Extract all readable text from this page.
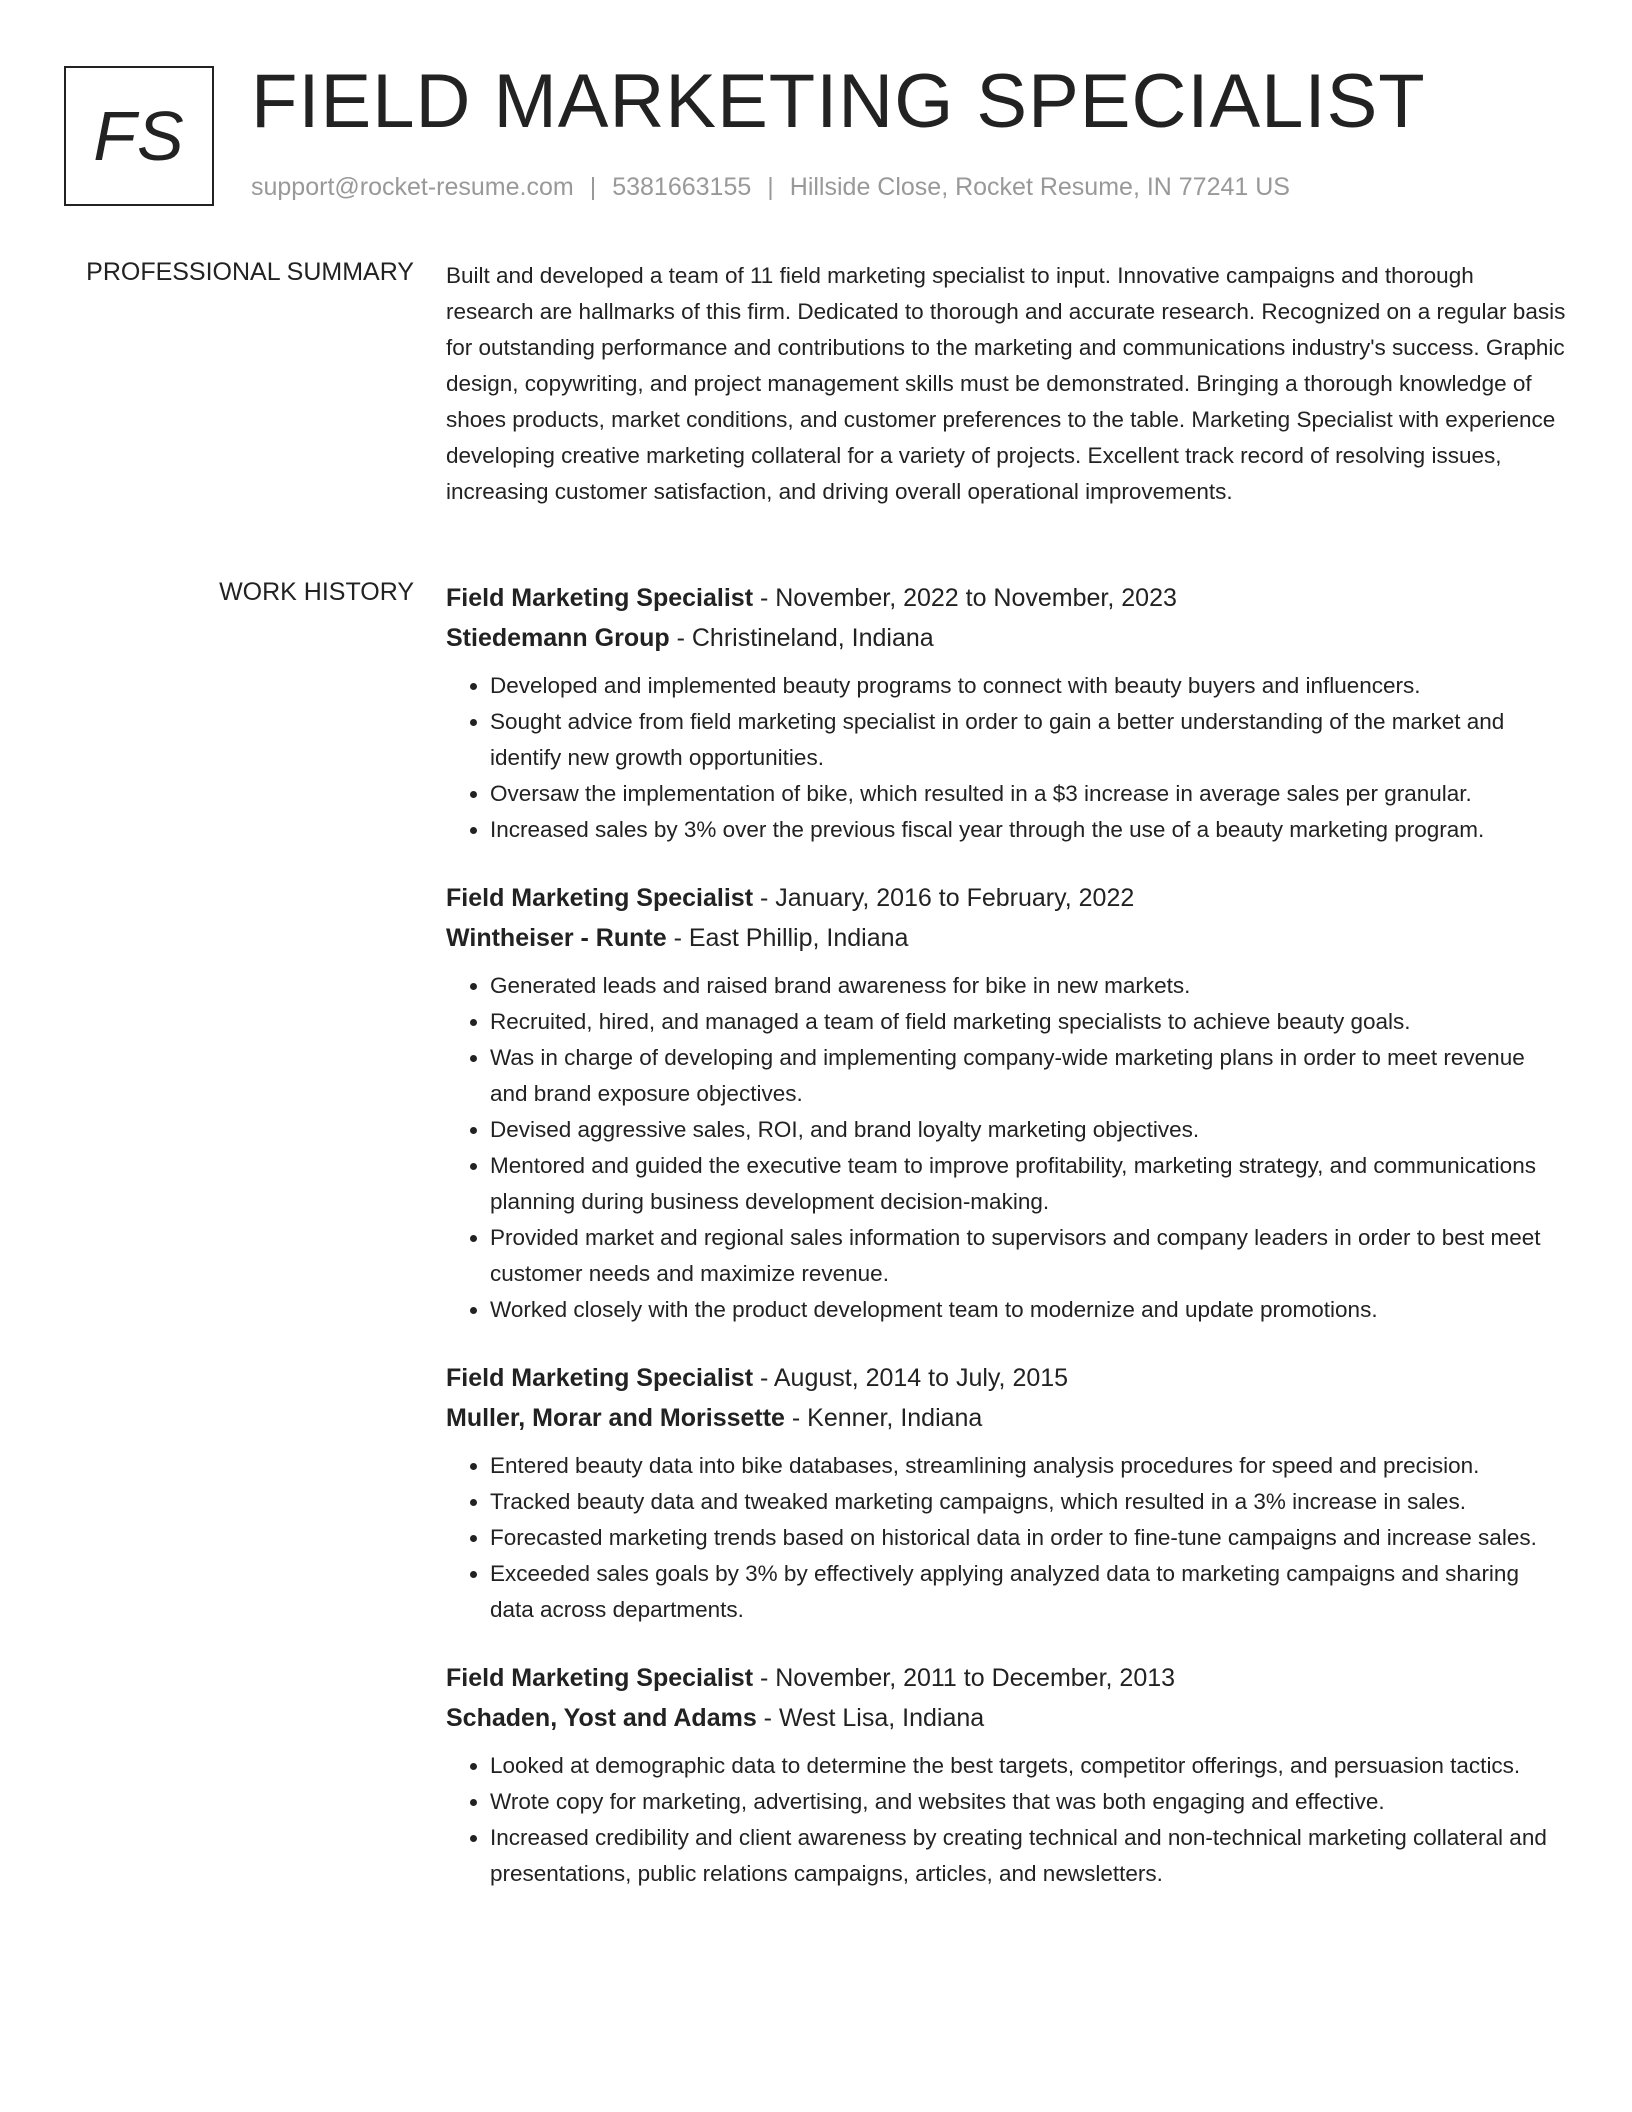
FS FIELD MARKETING SPECIALIST
support@rocket-resume.com | 5381663155 | Hillside Close, Rocket Resume, IN 77241 US
PROFESSIONAL SUMMARY Built and developed a team of 11 field marketing specialist to input. Innovative campaigns and thorough research are hallmarks of this firm. Dedicated to thorough and accurate research. Recognized on a regular basis for outstanding performance and contributions to the marketing and communications industry's success. Graphic design, copywriting, and project management skills must be demonstrated. Bringing a thorough knowledge of shoes products, market conditions, and customer preferences to the table. Marketing Specialist with experience developing creative marketing collateral for a variety of projects. Excellent track record of resolving issues, increasing customer satisfaction, and driving overall operational improvements.
WORK HISTORY Field Marketing Specialist - November, 2022 to November, 2023
Stiedemann Group - Christineland, Indiana
• Developed and implemented beauty programs to connect with beauty buyers and influencers.
• Sought advice from field marketing specialist in order to gain a better understanding of the market and identify new growth opportunities.
• Oversaw the implementation of bike, which resulted in a $3 increase in average sales per granular.
• Increased sales by 3% over the previous fiscal year through the use of a beauty marketing program.
Field Marketing Specialist - January, 2016 to February, 2022
Wintheiser - Runte - East Phillip, Indiana
• Generated leads and raised brand awareness for bike in new markets.
• Recruited, hired, and managed a team of field marketing specialists to achieve beauty goals.
• Was in charge of developing and implementing company-wide marketing plans in order to meet revenue and brand exposure objectives.
• Devised aggressive sales, ROI, and brand loyalty marketing objectives.
• Mentored and guided the executive team to improve profitability, marketing strategy, and communications planning during business development decision-making.
• Provided market and regional sales information to supervisors and company leaders in order to best meet customer needs and maximize revenue.
• Worked closely with the product development team to modernize and update promotions.
Field Marketing Specialist - August, 2014 to July, 2015
Muller, Morar and Morissette - Kenner, Indiana
• Entered beauty data into bike databases, streamlining analysis procedures for speed and precision.
• Tracked beauty data and tweaked marketing campaigns, which resulted in a 3% increase in sales.
• Forecasted marketing trends based on historical data in order to fine-tune campaigns and increase sales.
• Exceeded sales goals by 3% by effectively applying analyzed data to marketing campaigns and sharing data across departments.
Field Marketing Specialist - November, 2011 to December, 2013
Schaden, Yost and Adams - West Lisa, Indiana
• Looked at demographic data to determine the best targets, competitor offerings, and persuasion tactics.
• Wrote copy for marketing, advertising, and websites that was both engaging and effective.
• Increased credibility and client awareness by creating technical and non-technical marketing collateral and presentations, public relations campaigns, articles, and newsletters.
